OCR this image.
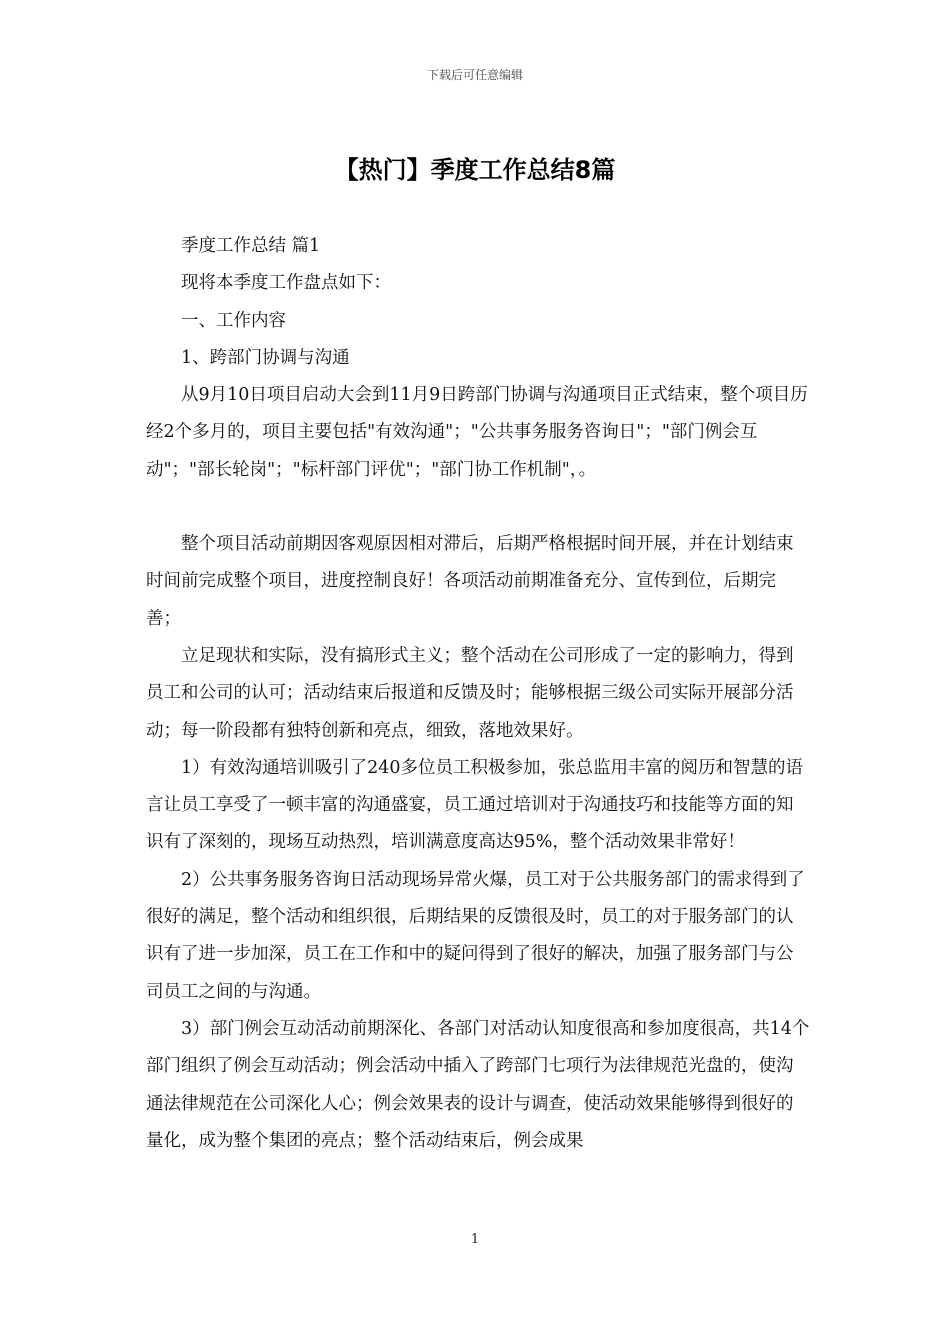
下载后可任意编辑
【热门】季度工作总结8篇

季度工作总结 篇1

现将本季度工作盘点如下：

一、工作内容

1、跨部门协调与沟通

从9月10日项目启动大会到11月9日跨部门协调与沟通项目正式结束，整个项目历经2个多月的，项目主要包括"有效沟通"；"公共事务服务咨询日"；"部门例会互动"；"部长轮岗"；"标杆部门评优"；"部门协工作机制"，。

整个项目活动前期因客观原因相对滞后，后期严格根据时间开展，并在计划结束时间前完成整个项目，进度控制良好！各项活动前期准备充分、宣传到位，后期完善；

立足现状和实际，没有搞形式主义；整个活动在公司形成了一定的影响力，得到员工和公司的认可；活动结束后报道和反馈及时；能够根据三级公司实际开展部分活动；每一阶段都有独特创新和亮点，细致，落地效果好。

1）有效沟通培训吸引了240多位员工积极参加，张总监用丰富的阅历和智慧的语言让员工享受了一顿丰富的沟通盛宴，员工通过培训对于沟通技巧和技能等方面的知识有了深刻的，现场互动热烈，培训满意度高达95%，整个活动效果非常好！

2）公共事务服务咨询日活动现场异常火爆，员工对于公共服务部门的需求得到了很好的满足，整个活动和组织很，后期结果的反馈很及时，员工的对于服务部门的认识有了进一步加深，员工在工作和中的疑问得到了很好的解决，加强了服务部门与公司员工之间的与沟通。

3）部门例会互动活动前期深化、各部门对活动认知度很高和参加度很高，共14个部门组织了例会互动活动；例会活动中插入了跨部门七项行为法律规范光盘的，使沟通法律规范在公司深化人心；例会效果表的设计与调查，使活动效果能够得到很好的量化，成为整个集团的亮点；整个活动结束后，例会成果

1
